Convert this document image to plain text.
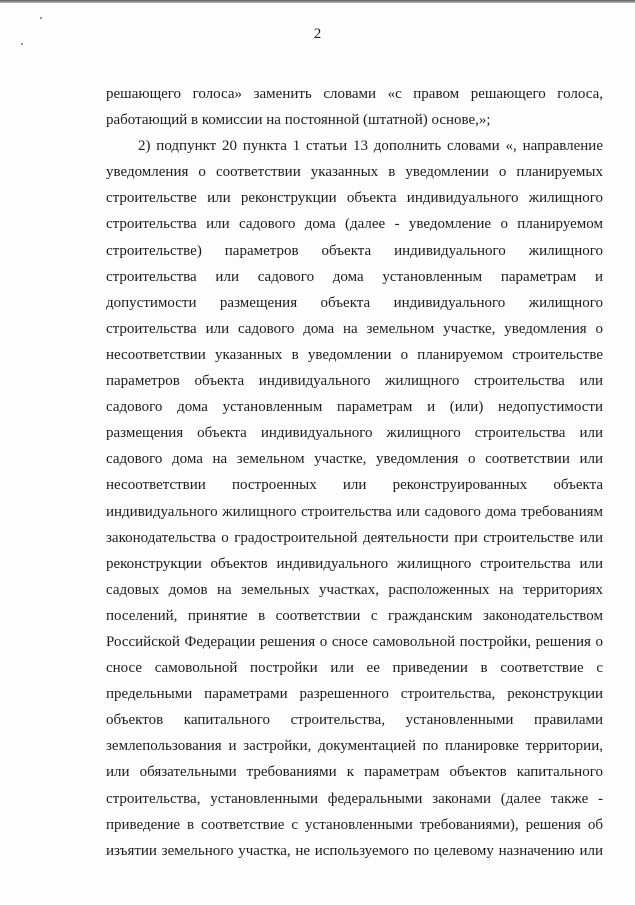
2
решающего голоса» заменить словами «с правом решающего голоса,
работающий в комиссии на постоянной (штатной) основе,»;
2) подпункт 20 пункта 1 статьи 13 дополнить словами «, направление
уведомления о соответствии указанных в уведомлении о планируемых
строительстве или реконструкции объекта индивидуального жилищного
строительства или садового дома (далее - уведомление о планируемом
строительстве) параметров объекта индивидуального жилищного
строительства или садового дома установленным параметрам и
допустимости размещения объекта индивидуального жилищного
строительства или садового дома на земельном участке, уведомления о
несоответствии указанных в уведомлении о планируемом строительстве
параметров объекта индивидуального жилищного строительства или
садового дома установленным параметрам и (или) недопустимости
размещения объекта индивидуального жилищного строительства или
садового дома на земельном участке, уведомления о соответствии или
несоответствии построенных или реконструированных объекта
индивидуального жилищного строительства или садового дома требованиям
законодательства о градостроительной деятельности при строительстве или
реконструкции объектов индивидуального жилищного строительства или
садовых домов на земельных участках, расположенных на территориях
поселений, принятие в соответствии с гражданским законодательством
Российской Федерации решения о сносе самовольной постройки, решения о
сносе самовольной постройки или ее приведении в соответствие с
предельными параметрами разрешенного строительства, реконструкции
объектов капитального строительства, установленными правилами
землепользования и застройки, документацией по планировке территории,
или обязательными требованиями к параметрам объектов капитального
строительства, установленными федеральными законами (далее также -
приведение в соответствие с установленными требованиями), решения об
изъятии земельного участка, не используемого по целевому назначению или
